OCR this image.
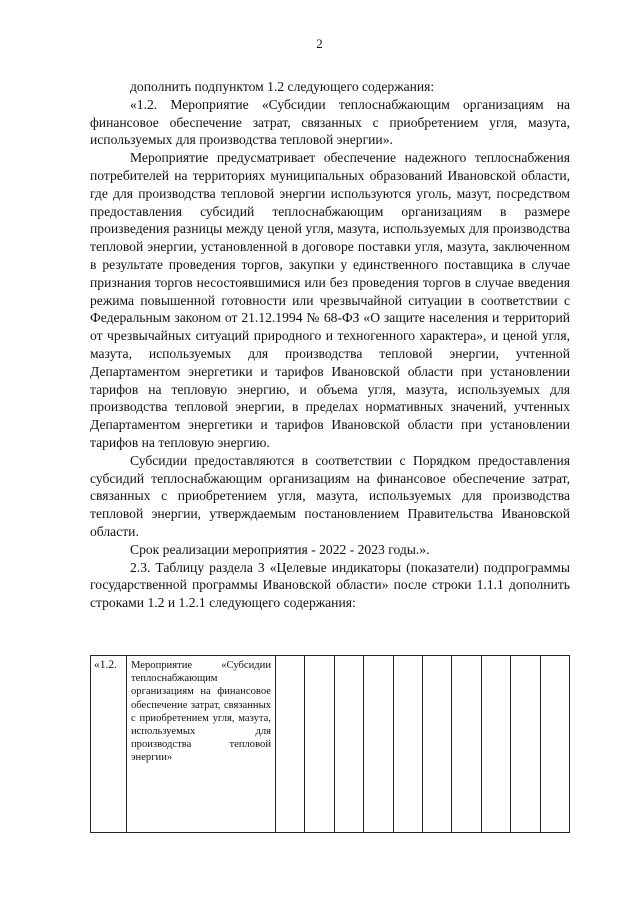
2

дополнить подпунктом 1.2 следующего содержания:

«1.2. Мероприятие «Субсидии теплоснабжающим организациям на финансовое обеспечение затрат, связанных с приобретением угля, мазута, используемых для производства тепловой энергии».

Мероприятие предусматривает обеспечение надежного теплоснабжения потребителей на территориях муниципальных образований Ивановской области, где для производства тепловой энергии используются уголь, мазут, посредством предоставления субсидий теплоснабжающим организациям в размере произведения разницы между ценой угля, мазута, используемых для производства тепловой энергии, установленной в договоре поставки угля, мазута, заключенном в результате проведения торгов, закупки у единственного поставщика в случае признания торгов несостоявшимися или без проведения торгов в случае введения режима повышенной готовности или чрезвычайной ситуации в соответствии с Федеральным законом от 21.12.1994 № 68-ФЗ «О защите населения и территорий от чрезвычайных ситуаций природного и техногенного характера», и ценой угля, мазута, используемых для производства тепловой энергии, учтенной Департаментом энергетики и тарифов Ивановской области при установлении тарифов на тепловую энергию, и объема угля, мазута, используемых для производства тепловой энергии, в пределах нормативных значений, учтенных Департаментом энергетики и тарифов Ивановской области при установлении тарифов на тепловую энергию.

Субсидии предоставляются в соответствии с Порядком предоставления субсидий теплоснабжающим организациям на финансовое обеспечение затрат, связанных с приобретением угля, мазута, используемых для производства тепловой энергии, утверждаемым постановлением Правительства Ивановской области.

Срок реализации мероприятия - 2022 - 2023 годы.».

2.3. Таблицу раздела 3 «Целевые индикаторы (показатели) подпрограммы государственной программы Ивановской области» после строки 1.1.1 дополнить строками 1.2 и 1.2.1 следующего содержания:

«1.2.	Мероприятие «Субсидии теплоснабжающим организациям на финансовое обеспечение затрат, связанных с приобретением угля, мазута, используемых для производства тепловой энергии»										
